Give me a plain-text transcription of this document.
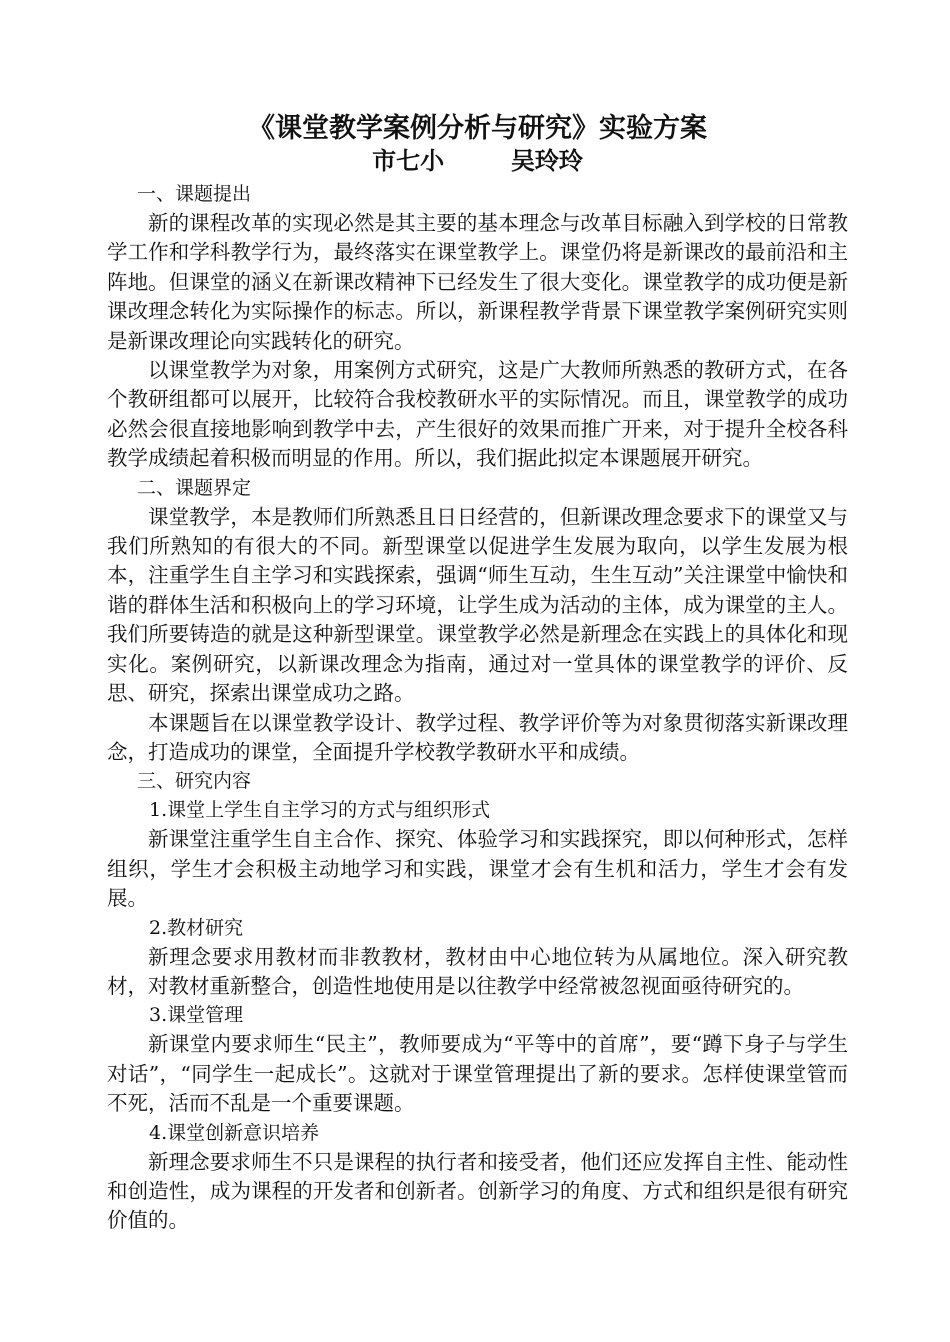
《课堂教学案例分析与研究》实验方案
市七小        吴玲玲
一、课题提出

新的课程改革的实现必然是其主要的基本理念与改革目标融入到学校的日常教学工作和学科教学行为，最终落实在课堂教学上。课堂仍将是新课改的最前沿和主阵地。但课堂的涵义在新课改精神下已经发生了很大变化。课堂教学的成功便是新课改理念转化为实际操作的标志。所以，新课程教学背景下课堂教学案例研究实则是新课改理论向实践转化的研究。

以课堂教学为对象，用案例方式研究，这是广大教师所熟悉的教研方式，在各个教研组都可以展开，比较符合我校教研水平的实际情况。而且，课堂教学的成功必然会很直接地影响到教学中去，产生很好的效果而推广开来，对于提升全校各科教学成绩起着积极而明显的作用。所以，我们据此拟定本课题展开研究。

二、课题界定

课堂教学，本是教师们所熟悉且日日经营的，但新课改理念要求下的课堂又与我们所熟知的有很大的不同。新型课堂以促进学生发展为取向，以学生发展为根本，注重学生自主学习和实践探索，强调“师生互动，生生互动”关注课堂中愉快和谐的群体生活和积极向上的学习环境，让学生成为活动的主体，成为课堂的主人。我们所要铸造的就是这种新型课堂。课堂教学必然是新理念在实践上的具体化和现实化。案例研究，以新课改理念为指南，通过对一堂具体的课堂教学的评价、反思、研究，探索出课堂成功之路。

本课题旨在以课堂教学设计、教学过程、教学评价等为对象贯彻落实新课改理念，打造成功的课堂，全面提升学校教学教研水平和成绩。

三、研究内容
1.课堂上学生自主学习的方式与组织形式

新课堂注重学生自主合作、探究、体验学习和实践探究，即以何种形式，怎样组织，学生才会积极主动地学习和实践，课堂才会有生机和活力，学生才会有发展。

2.教材研究

新理念要求用教材而非教教材，教材由中心地位转为从属地位。深入研究教材，对教材重新整合，创造性地使用是以往教学中经常被忽视面亟待研究的。

3.课堂管理

新课堂内要求师生“民主”，教师要成为“平等中的首席”，要“蹲下身子与学生对话”，“同学生一起成长”。这就对于课堂管理提出了新的要求。怎样使课堂管而不死，活而不乱是一个重要课题。

4.课堂创新意识培养

新理念要求师生不只是课程的执行者和接受者，他们还应发挥自主性、能动性和创造性，成为课程的开发者和创新者。创新学习的角度、方式和组织是很有研究价值的。
